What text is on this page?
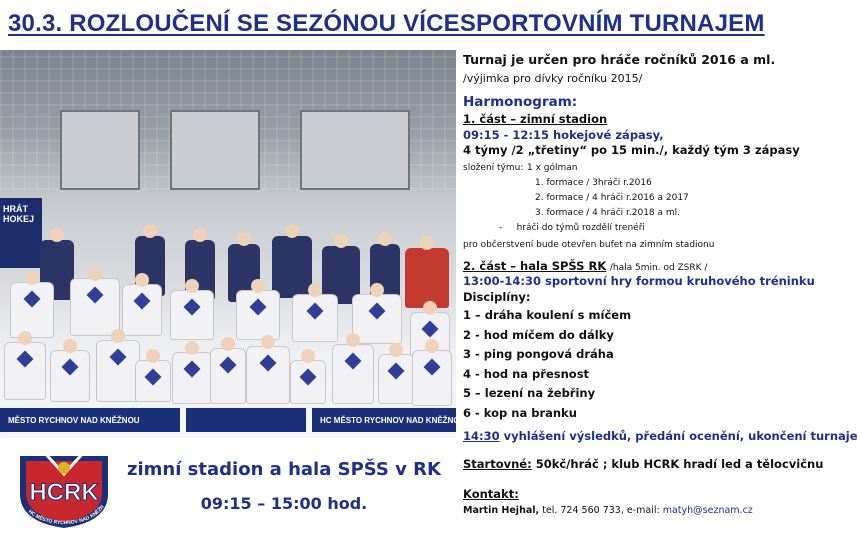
30.3. ROZLOUČENÍ SE SEZÓNOU VÍCESPORTOVNÍM TURNAJEM
HRÁT HOKEJ
MĚSTO RYCHNOV NAD KNĚŽNOU	HC MĚSTO RYCHNOV NAD KNĚŽNOU
Turnaj je určen pro hráče ročníků 2016 a ml.
/výjimka pro dívky ročníku 2015/
Harmonogram:
1. část – zimní stadion
09:15 - 12:15 hokejové zápasy,
4 týmy /2 „třetiny“ po 15 min./, každý tým 3 zápasy
složení týmu: 1 x gólman
1. formace / 3hráči r.2016
2. formace / 4 hráči r.2016 a 2017
3. formace / 4 hráči r.2018 a ml.
-     hráči do týmů rozdělí trenéři
pro občerstvení bude otevřen bufet na zimním stadionu
2. část – hala SPŠS RK /hala 5min. od ZSRK /
13:00-14:30 sportovní hry formou kruhového tréninku
Disciplíny:
1 – dráha koulení s míčem
2 - hod míčem do dálky
3 - ping pongová dráha
4 - hod na přesnost
5 – lezení na žebřiny
6 - kop na branku
14:30 vyhlášení výsledků, předání ocenění, ukončení turnaje
Startovné: 50kč/hráč ; klub HCRK hradí led a tělocvičnu
Kontakt:
Martin Hejhal, tel. 724 560 733, e-mail: matyh@seznam.cz
HCRK
HC MĚSTO RYCHNOV NAD KNĚŽN
zimní stadion a hala SPŠS v RK
09:15 – 15:00 hod.
